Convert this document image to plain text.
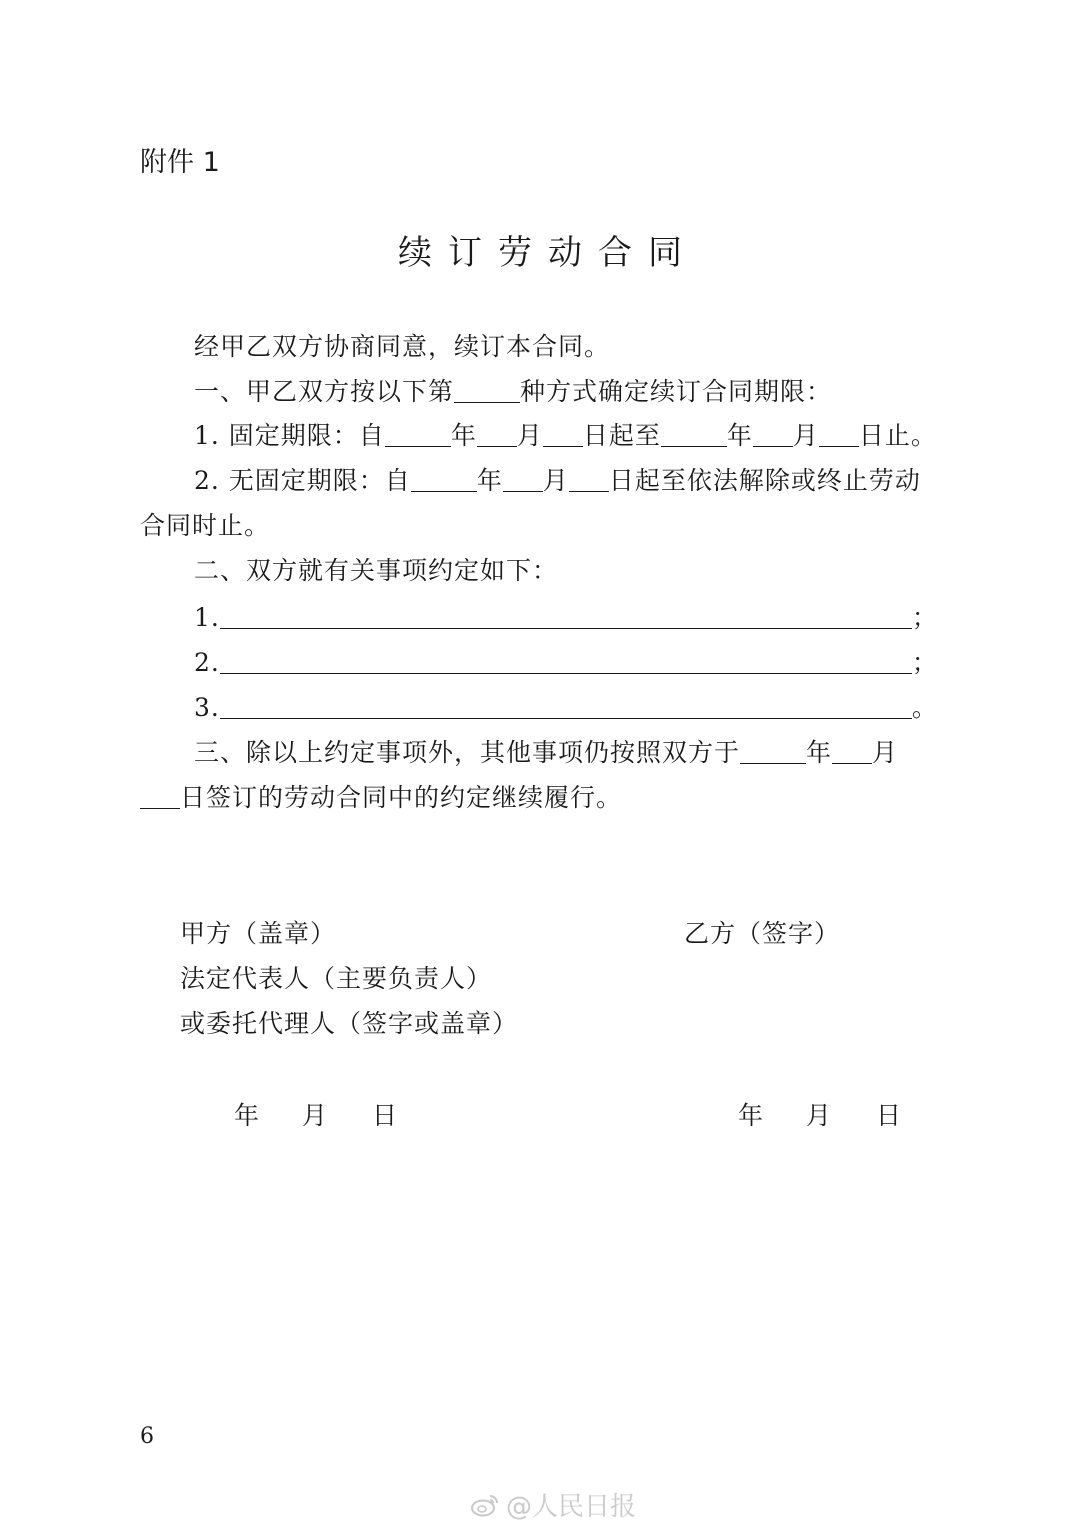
附件 1
续订劳动合同
经甲乙双方协商同意，续订本合同。
一、甲乙双方按以下第	种方式确定续订合同期限：
1. 固定期限：自	年 月 日起至	年 月 日止。
2. 无固定期限：自	年 月 日起至依法解除或终止劳动
合同时止。
二、双方就有关事项约定如下：
1.	；
2.	；
3.	。
三、除以上约定事项外，其他事项仍按照双方于	年 月
日签订的劳动合同中的约定继续履行。
甲方（盖章）	乙方（签字）
法定代表人（主要负责人）
或委托代理人（签字或盖章）
年 月 日	年 月 日
6
@人民日报
